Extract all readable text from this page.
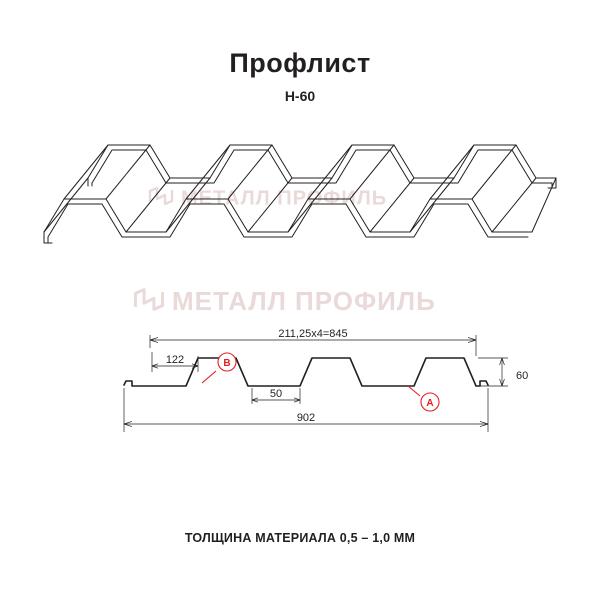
Профлист
Н-60
МЕТАЛЛ ПРОФИЛЬ
МЕТАЛЛ ПРОФИЛЬ
211,25x4=845
122
50
902
60
B
A
ТОЛЩИНА МАТЕРИАЛА 0,5 – 1,0 ММ
